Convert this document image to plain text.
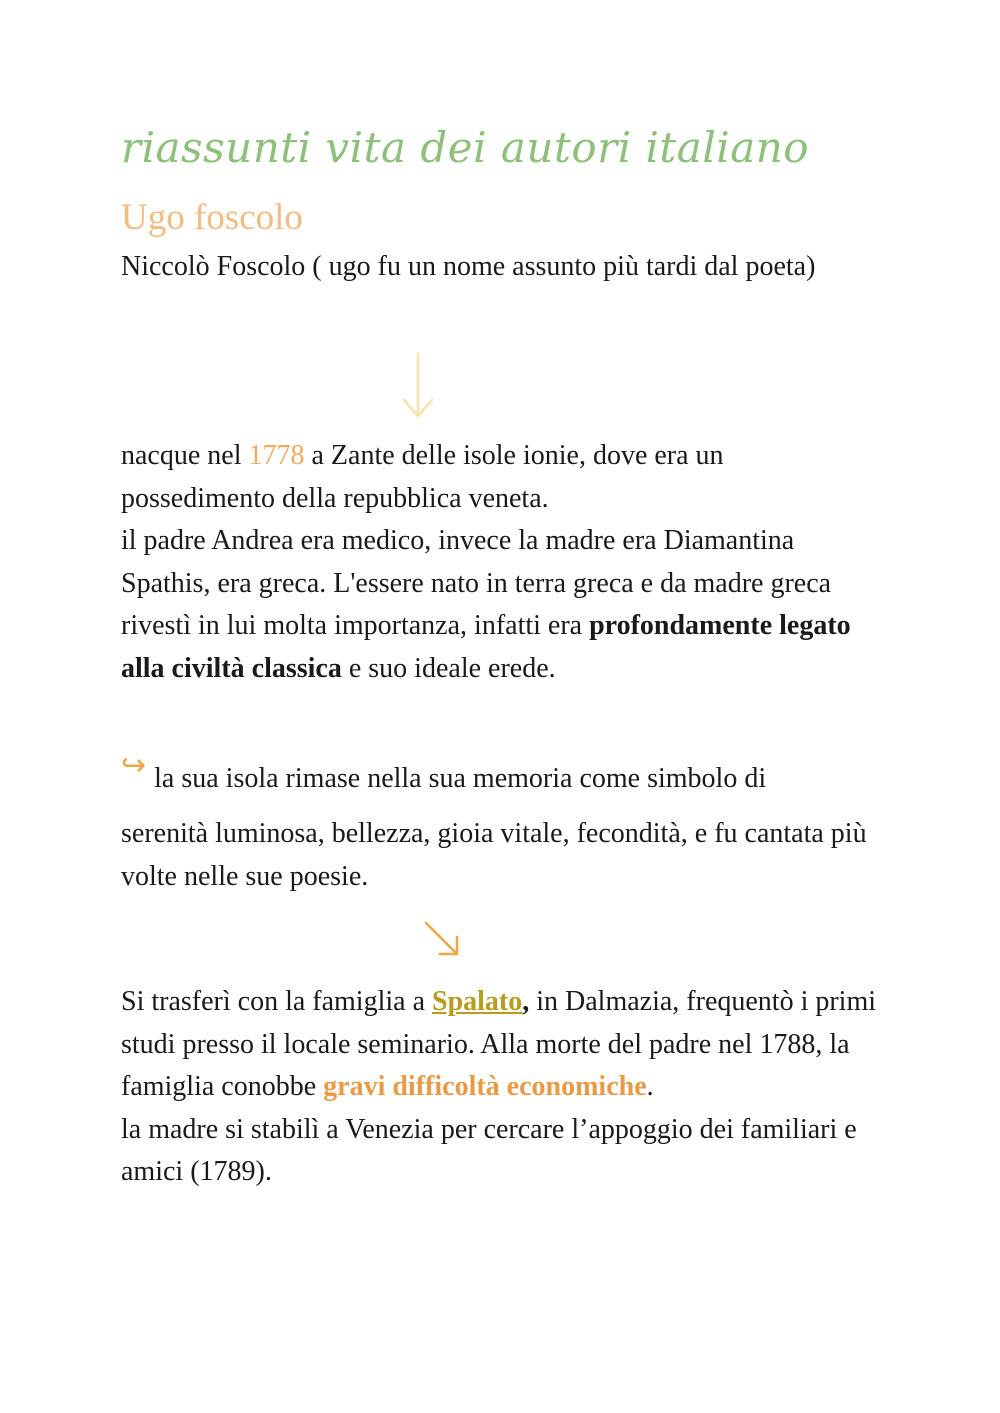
riassunti vita dei autori italiano
Ugo foscolo

Niccolò Foscolo ( ugo fu un nome assunto più tardi dal poeta)

nacque nel 1778 a Zante delle isole ionie, dove era un possedimento della repubblica veneta.
il padre Andrea era medico, invece la madre era Diamantina Spathis, era greca. L'essere nato in terra greca e da madre greca rivestì in lui molta importanza, infatti era profondamente legato alla civiltà classica e suo ideale erede.

↪ la sua isola rimase nella sua memoria come simbolo di

serenità luminosa, bellezza, gioia vitale, fecondità, e fu cantata più volte nelle sue poesie.

Si trasferì con la famiglia a Spalato, in Dalmazia, frequentò i primi studi presso il locale seminario. Alla morte del padre nel 1788, la famiglia conobbe gravi difficoltà economiche.
la madre si stabilì a Venezia per cercare l’appoggio dei familiari e amici (1789).
